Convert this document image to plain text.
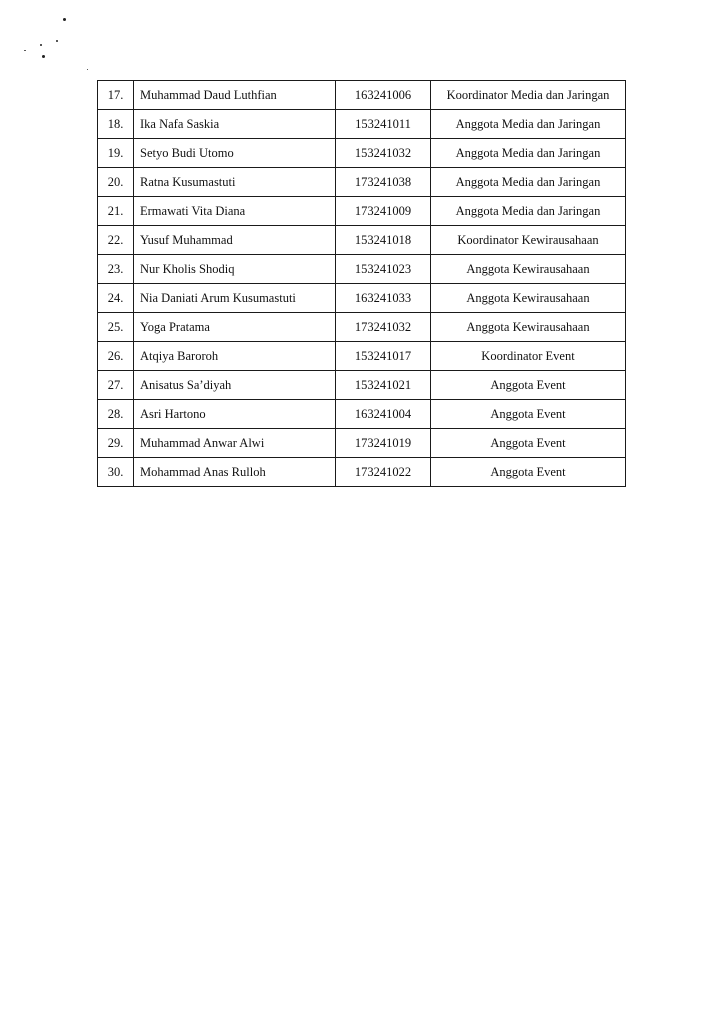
17.	Muhammad Daud Luthfian	163241006	Koordinator Media dan Jaringan
18.	Ika Nafa Saskia	153241011	Anggota Media dan Jaringan
19.	Setyo Budi Utomo	153241032	Anggota Media dan Jaringan
20.	Ratna Kusumastuti	173241038	Anggota Media dan Jaringan
21.	Ermawati Vita Diana	173241009	Anggota Media dan Jaringan
22.	Yusuf Muhammad	153241018	Koordinator Kewirausahaan
23.	Nur Kholis Shodiq	153241023	Anggota Kewirausahaan
24.	Nia Daniati Arum Kusumastuti	163241033	Anggota Kewirausahaan
25.	Yoga Pratama	173241032	Anggota Kewirausahaan
26.	Atqiya Baroroh	153241017	Koordinator Event
27.	Anisatus Sa’diyah	153241021	Anggota Event
28.	Asri Hartono	163241004	Anggota Event
29.	Muhammad Anwar Alwi	173241019	Anggota Event
30.	Mohammad Anas Rulloh	173241022	Anggota Event
